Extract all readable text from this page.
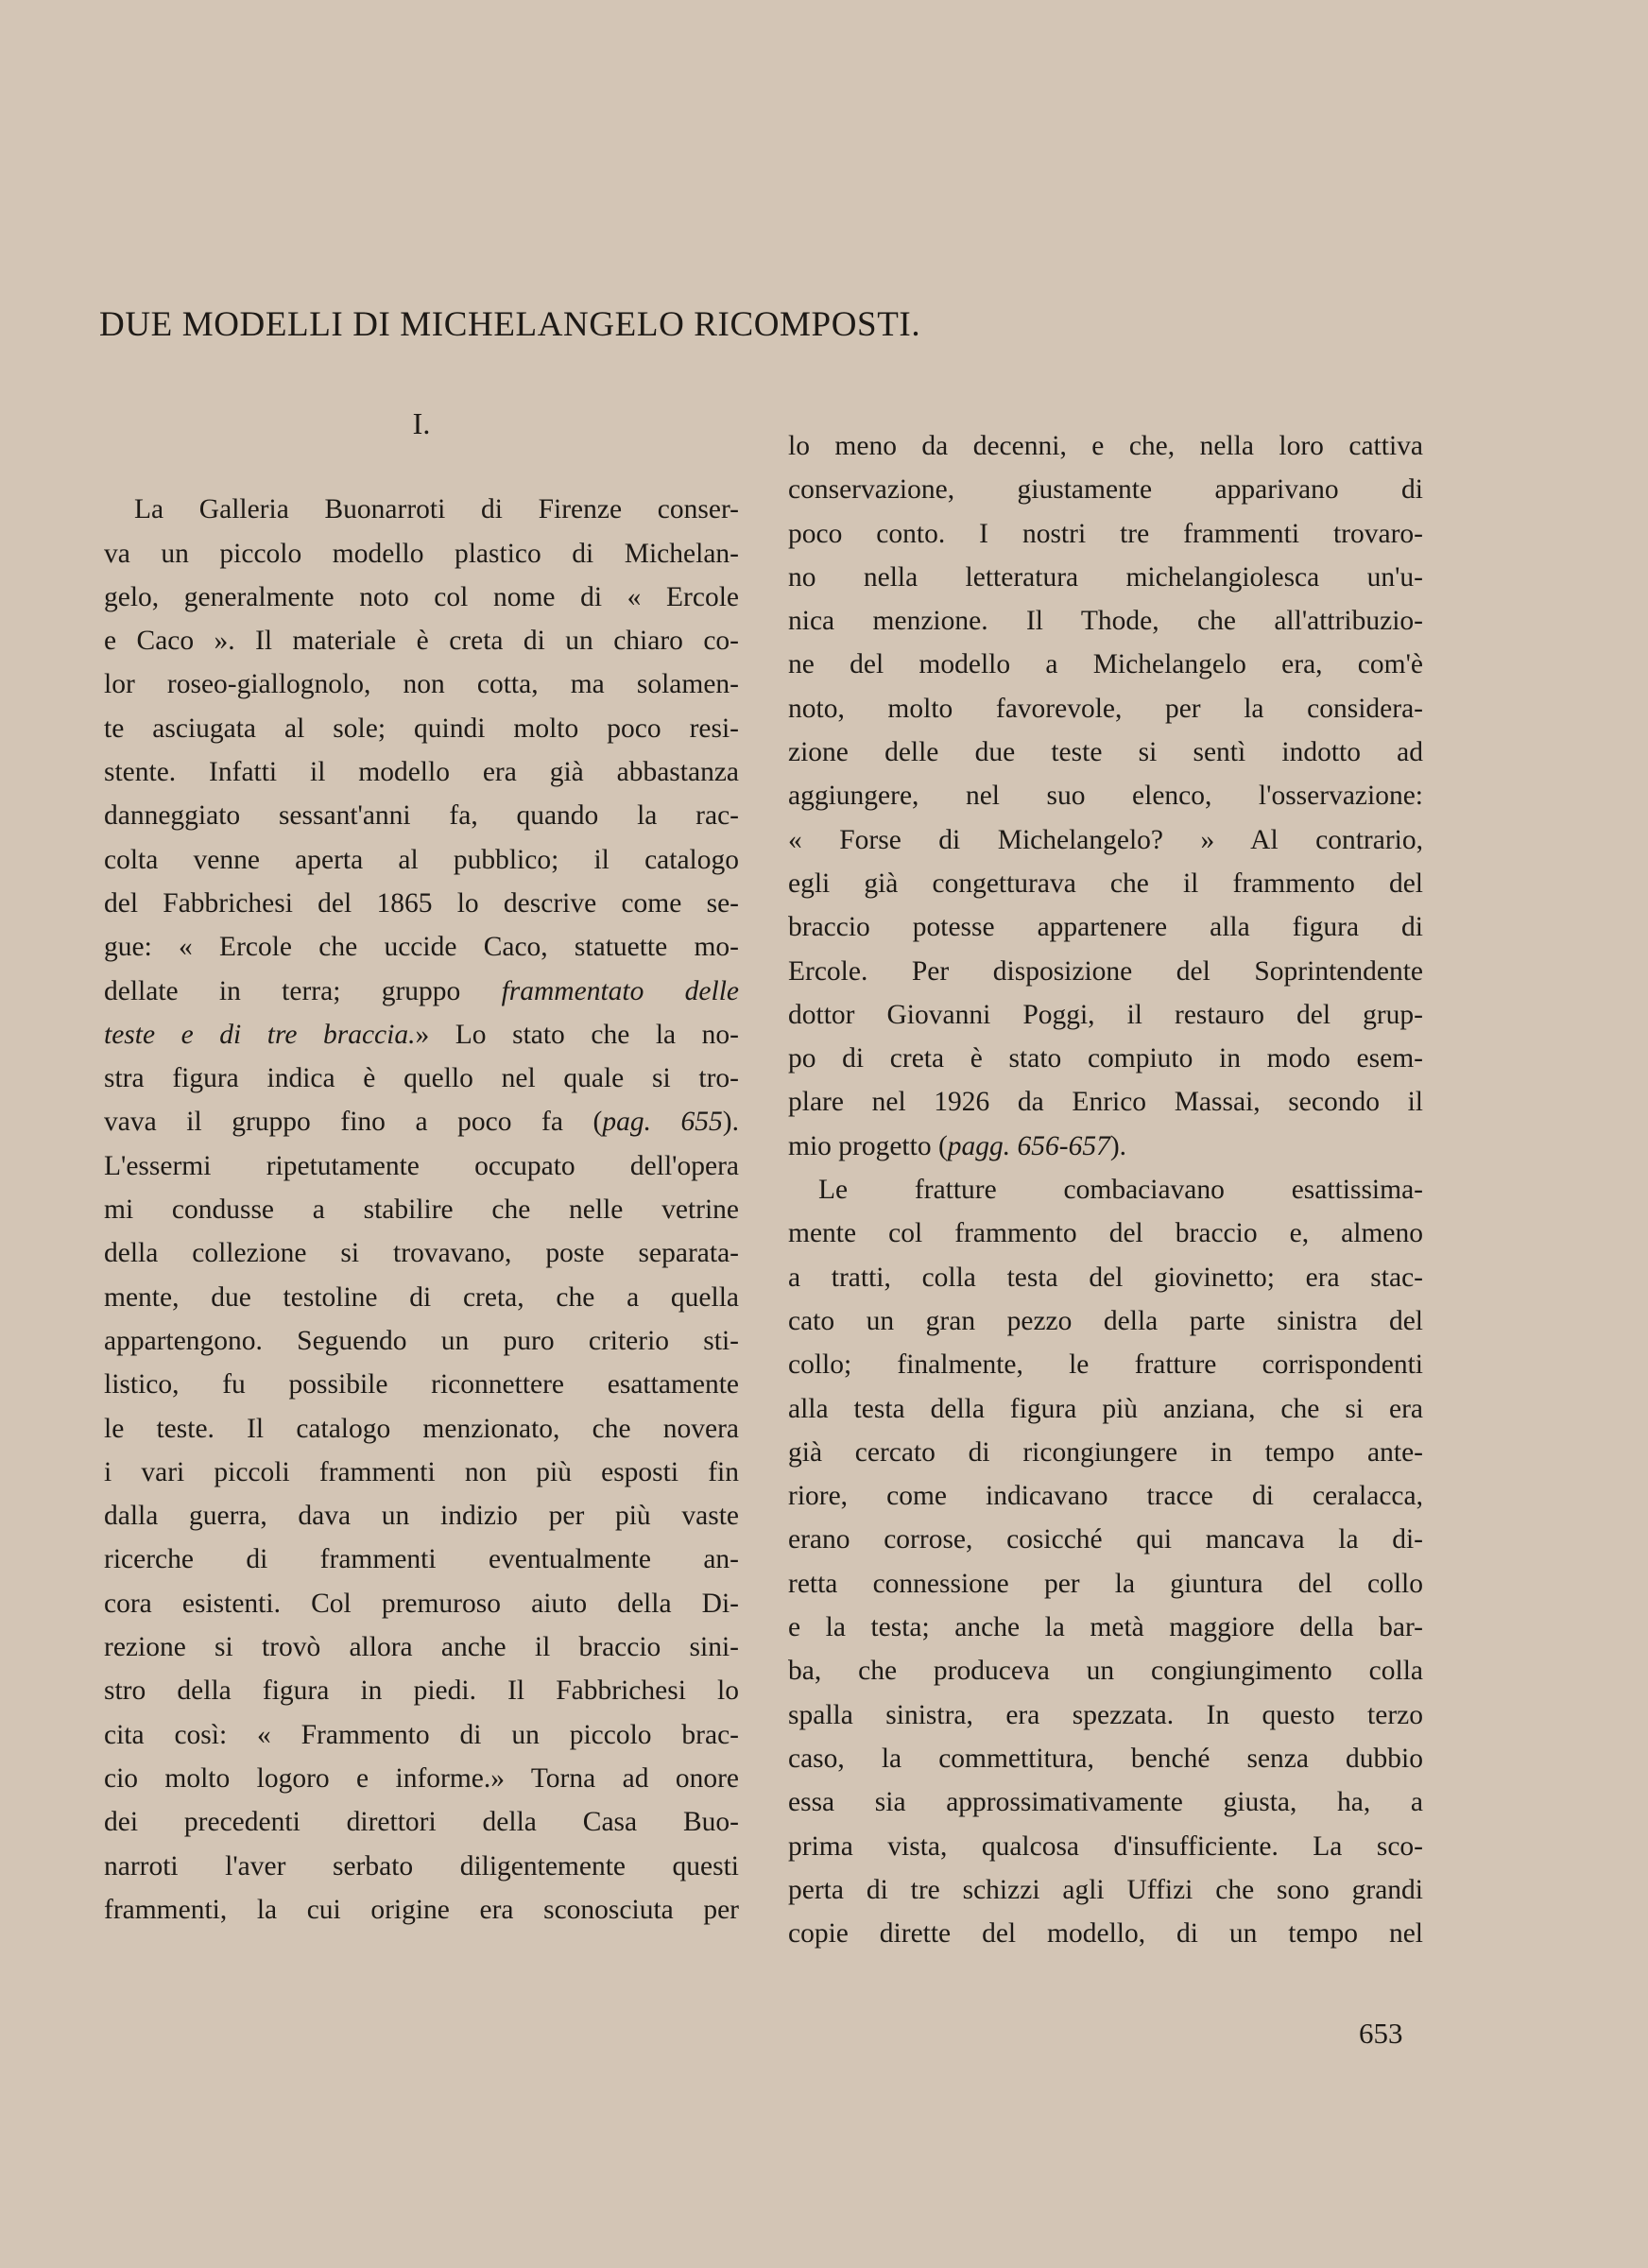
DUE MODELLI DI MICHELANGELO RICOMPOSTI.
I.
La Galleria Buonarroti di Firenze conser-
va un piccolo modello plastico di Michelan-
gelo, generalmente noto col nome di « Ercole
e Caco ». Il materiale è creta di un chiaro co-
lor roseo-giallognolo, non cotta, ma solamen-
te asciugata al sole; quindi molto poco resi-
stente. Infatti il modello era già abbastanza
danneggiato sessant'anni fa, quando la rac-
colta venne aperta al pubblico; il catalogo
del Fabbrichesi del 1865 lo descrive come se-
gue: « Ercole che uccide Caco, statuette mo-
dellate in terra; gruppo frammentato delle
teste e di tre braccia.» Lo stato che la no-
stra figura indica è quello nel quale si tro-
vava il gruppo fino a poco fa (pag. 655).
L'essermi ripetutamente occupato dell'opera
mi condusse a stabilire che nelle vetrine
della collezione si trovavano, poste separata-
mente, due testoline di creta, che a quella
appartengono. Seguendo un puro criterio sti-
listico, fu possibile riconnettere esattamente
le teste. Il catalogo menzionato, che novera
i vari piccoli frammenti non più esposti fin
dalla guerra, dava un indizio per più vaste
ricerche di frammenti eventualmente an-
cora esistenti. Col premuroso aiuto della Di-
rezione si trovò allora anche il braccio sini-
stro della figura in piedi. Il Fabbrichesi lo
cita così: « Frammento di un piccolo brac-
cio molto logoro e informe.» Torna ad onore
dei precedenti direttori della Casa Buo-
narroti l'aver serbato diligentemente questi
frammenti, la cui origine era sconosciuta per
lo meno da decenni, e che, nella loro cattiva
conservazione, giustamente apparivano di
poco conto. I nostri tre frammenti trovaro-
no nella letteratura michelangiolesca un'u-
nica menzione. Il Thode, che all'attribuzio-
ne del modello a Michelangelo era, com'è
noto, molto favorevole, per la considera-
zione delle due teste si sentì indotto ad
aggiungere, nel suo elenco, l'osservazione:
« Forse di Michelangelo? » Al contrario,
egli già congetturava che il frammento del
braccio potesse appartenere alla figura di
Ercole. Per disposizione del Soprintendente
dottor Giovanni Poggi, il restauro del grup-
po di creta è stato compiuto in modo esem-
plare nel 1926 da Enrico Massai, secondo il
mio progetto (pagg. 656-657).
Le fratture combaciavano esattissima-
mente col frammento del braccio e, almeno
a tratti, colla testa del giovinetto; era stac-
cato un gran pezzo della parte sinistra del
collo; finalmente, le fratture corrispondenti
alla testa della figura più anziana, che si era
già cercato di ricongiungere in tempo ante-
riore, come indicavano tracce di ceralacca,
erano corrose, cosicché qui mancava la di-
retta connessione per la giuntura del collo
e la testa; anche la metà maggiore della bar-
ba, che produceva un congiungimento colla
spalla sinistra, era spezzata. In questo terzo
caso, la commettitura, benché senza dubbio
essa sia approssimativamente giusta, ha, a
prima vista, qualcosa d'insufficiente. La sco-
perta di tre schizzi agli Uffizi che sono grandi
copie dirette del modello, di un tempo nel
653
